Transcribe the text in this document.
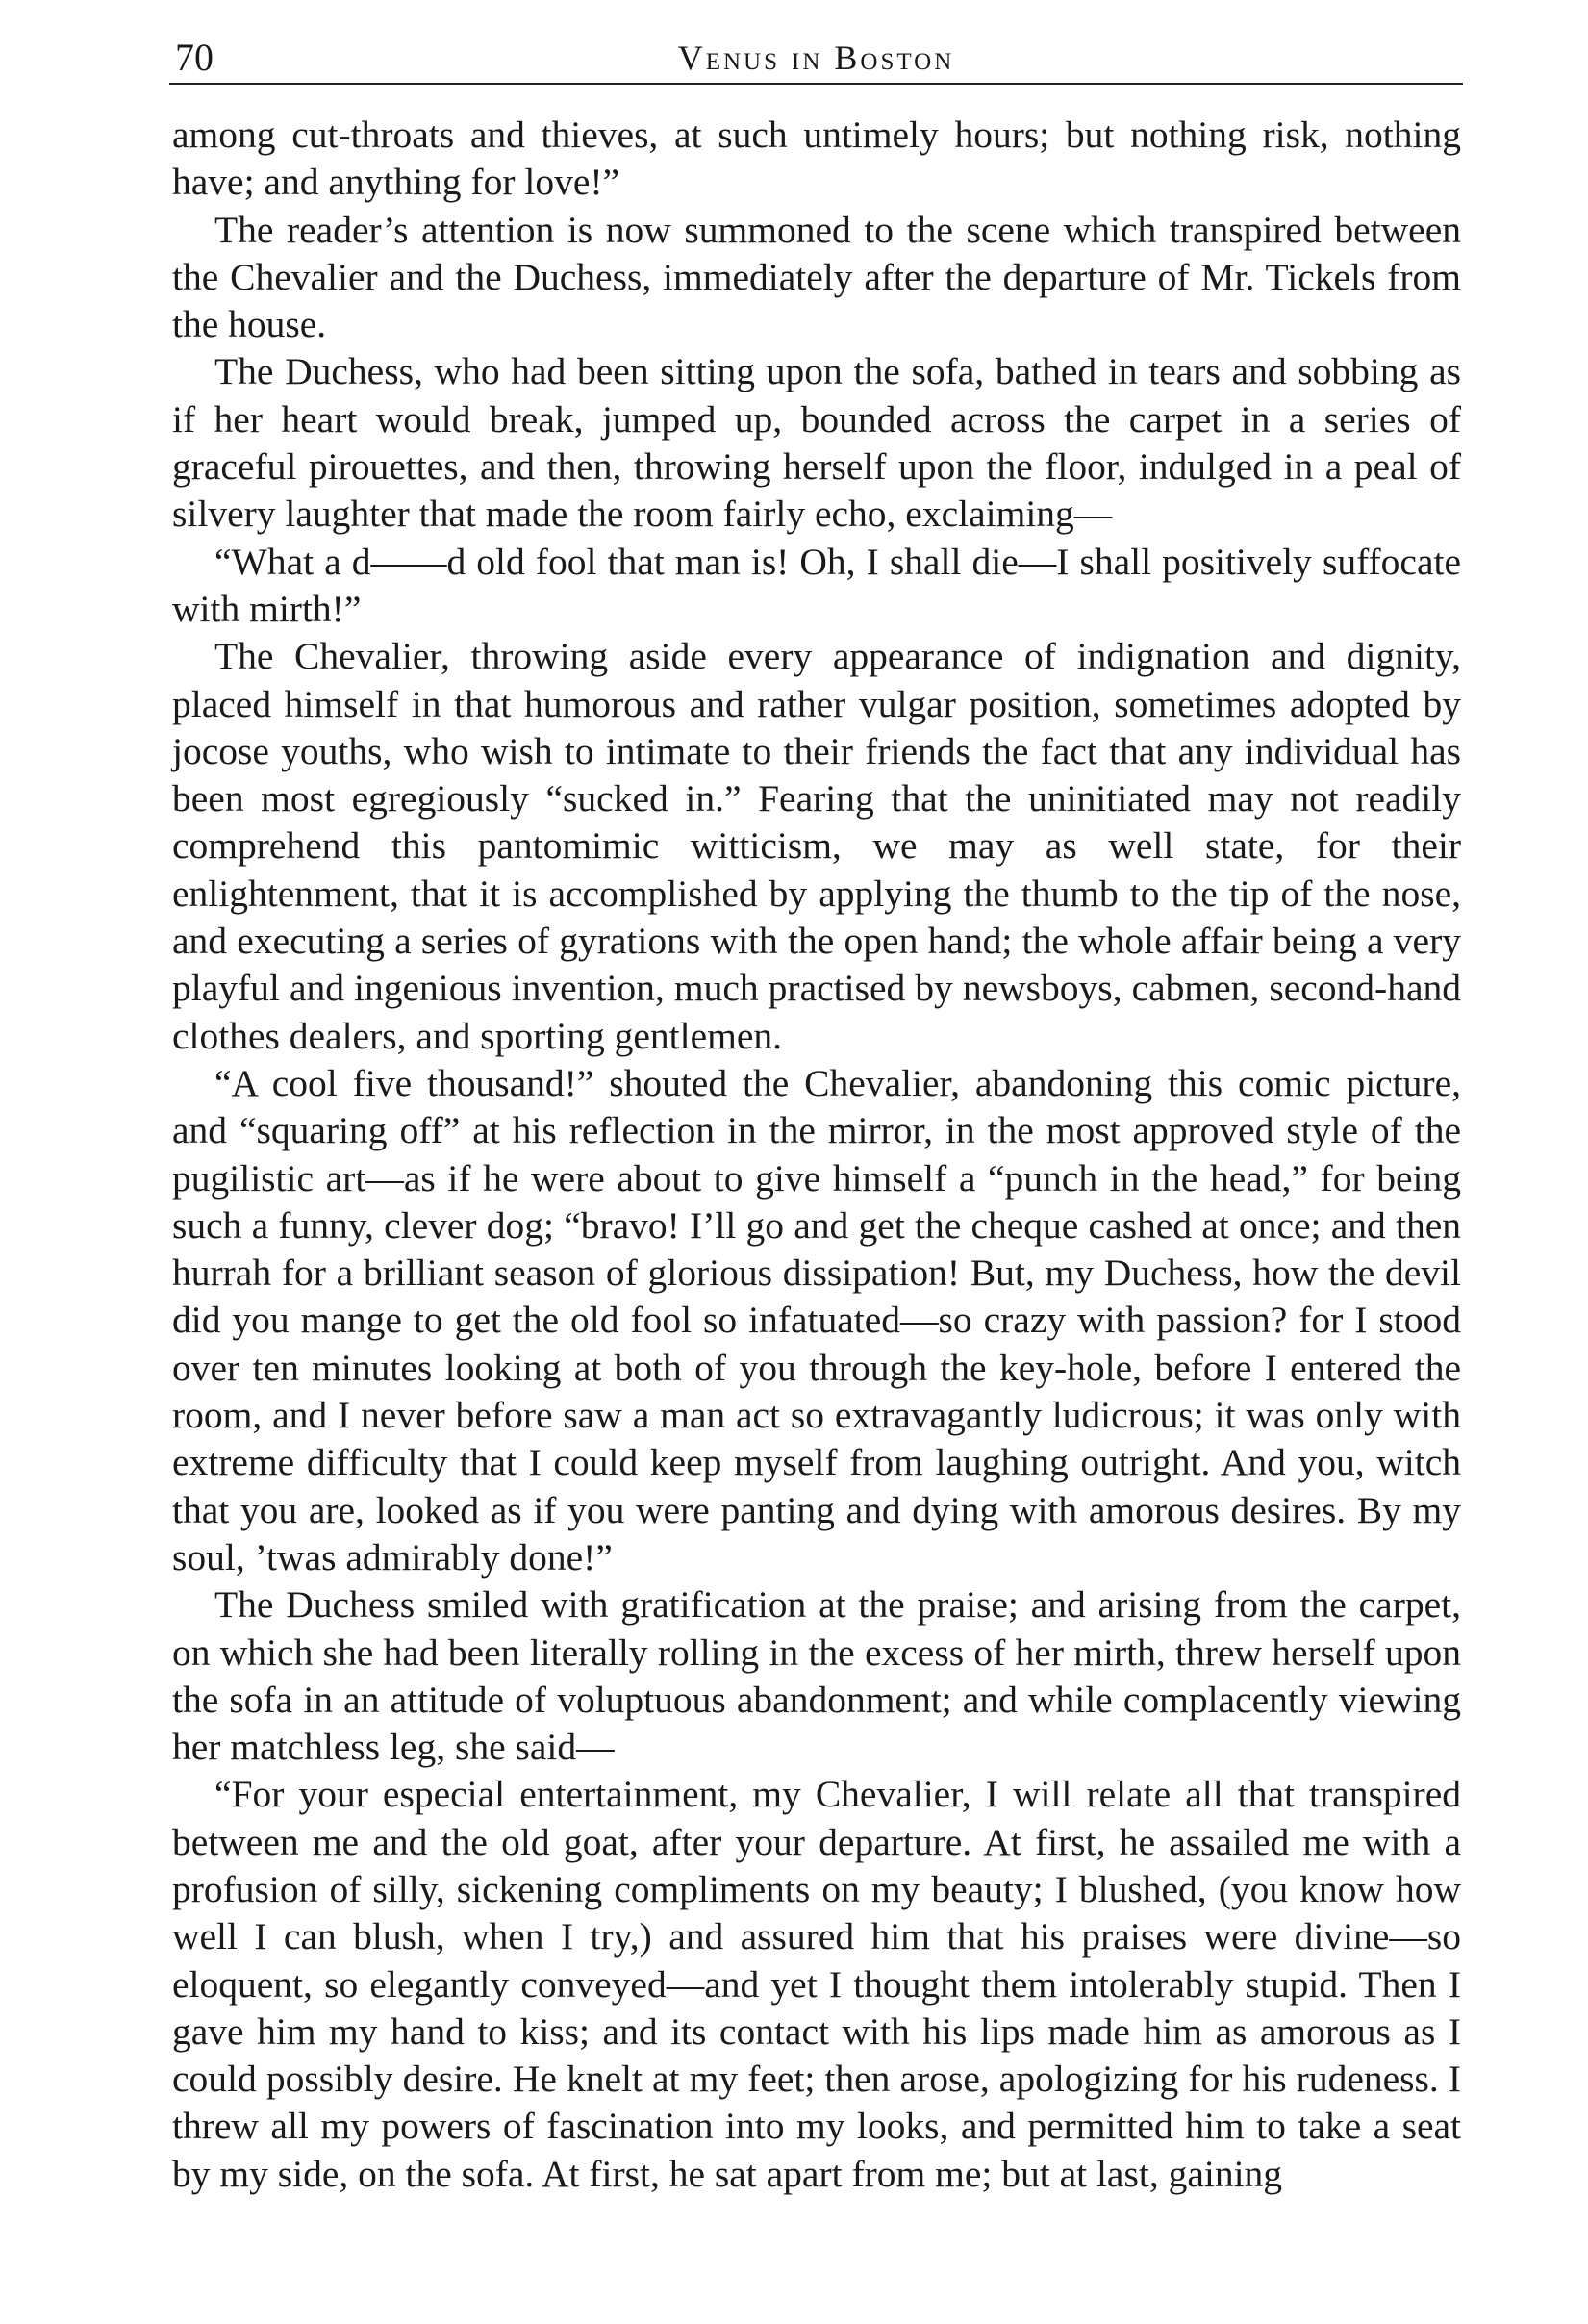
70	Venus in Boston

among cut-throats and thieves, at such untimely hours; but nothing risk, nothing have; and anything for love!”

The reader’s attention is now summoned to the scene which transpired between the Chevalier and the Duchess, immediately after the departure of Mr. Tickels from the house.

The Duchess, who had been sitting upon the sofa, bathed in tears and sobbing as if her heart would break, jumped up, bounded across the carpet in a series of graceful pirouettes, and then, throwing herself upon the floor, indulged in a peal of silvery laughter that made the room fairly echo, exclaiming—

“What a d——d old fool that man is! Oh, I shall die—I shall positively suffocate with mirth!”

The Chevalier, throwing aside every appearance of indignation and dignity, placed himself in that humorous and rather vulgar position, sometimes adopted by jocose youths, who wish to intimate to their friends the fact that any individual has been most egregiously “sucked in.” Fearing that the uninitiated may not readily comprehend this pantomimic witticism, we may as well state, for their enlightenment, that it is accomplished by applying the thumb to the tip of the nose, and executing a series of gyrations with the open hand; the whole affair being a very playful and ingenious invention, much practised by newsboys, cabmen, second-hand clothes dealers, and sporting gentlemen.

“A cool five thousand!” shouted the Chevalier, abandoning this comic picture, and “squaring off” at his reflection in the mirror, in the most approved style of the pugilistic art—as if he were about to give himself a “punch in the head,” for being such a funny, clever dog; “bravo! I’ll go and get the cheque cashed at once; and then hurrah for a brilliant season of glorious dissipation! But, my Duchess, how the devil did you mange to get the old fool so infatuated—so crazy with passion? for I stood over ten minutes looking at both of you through the key-hole, before I entered the room, and I never before saw a man act so extravagantly ludicrous; it was only with extreme difficulty that I could keep myself from laughing outright. And you, witch that you are, looked as if you were panting and dying with amorous desires. By my soul, ’twas admirably done!”

The Duchess smiled with gratification at the praise; and arising from the carpet, on which she had been literally rolling in the excess of her mirth, threw herself upon the sofa in an attitude of voluptuous abandonment; and while complacently viewing her matchless leg, she said—

“For your especial entertainment, my Chevalier, I will relate all that transpired between me and the old goat, after your departure. At first, he assailed me with a profusion of silly, sickening compliments on my beauty; I blushed, (you know how well I can blush, when I try,) and assured him that his praises were divine—so eloquent, so elegantly conveyed—and yet I thought them intolerably stupid. Then I gave him my hand to kiss; and its contact with his lips made him as amorous as I could possibly desire. He knelt at my feet; then arose, apologizing for his rudeness. I threw all my powers of fascination into my looks, and permitted him to take a seat by my side, on the sofa. At first, he sat apart from me; but at last, gaining
